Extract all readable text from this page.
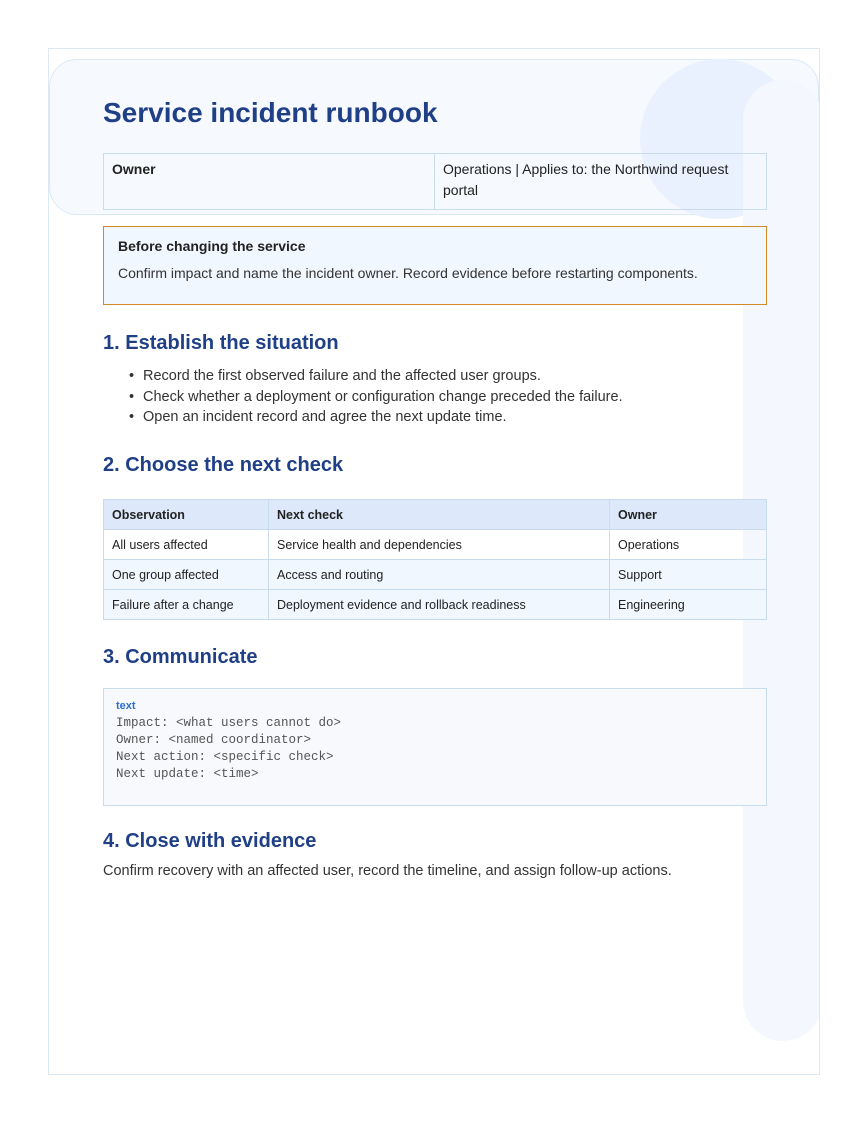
Service incident runbook
Owner	Operations | Applies to: the Northwind request portal
Before changing the service
Confirm impact and name the incident owner. Record evidence before restarting components.
1. Establish the situation
• Record the first observed failure and the affected user groups.
• Check whether a deployment or configuration change preceded the failure.
• Open an incident record and agree the next update time.
2. Choose the next check
Observation	Next check	Owner
All users affected	Service health and dependencies	Operations
One group affected	Access and routing	Support
Failure after a change	Deployment evidence and rollback readiness	Engineering
3. Communicate
text
Impact: <what users cannot do>
Owner: <named coordinator>
Next action: <specific check>
Next update: <time>
4. Close with evidence

Confirm recovery with an affected user, record the timeline, and assign follow-up actions.
